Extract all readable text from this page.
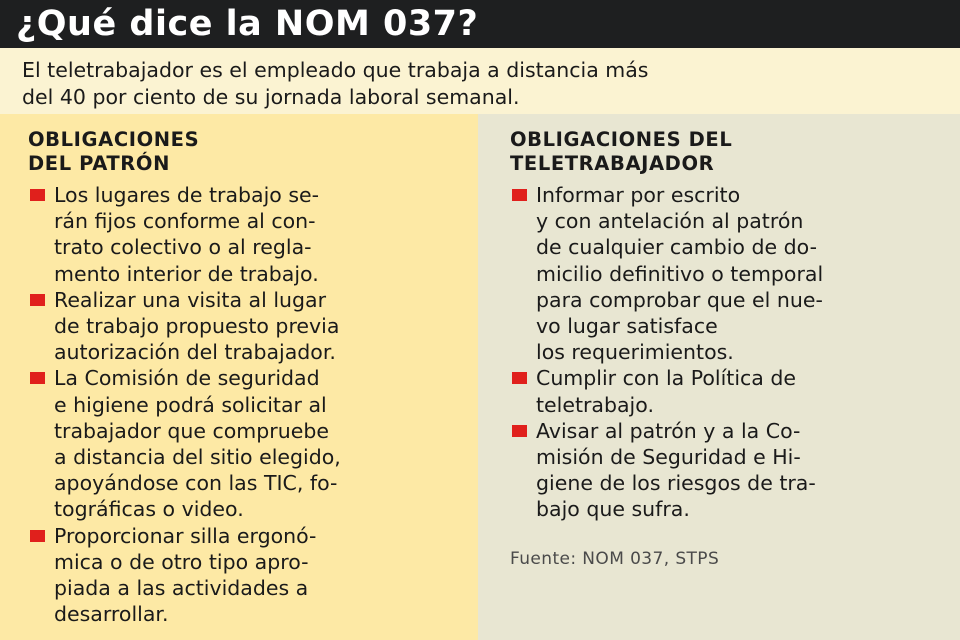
¿Qué dice la NOM 037?
El teletrabajador es el empleado que trabaja a distancia más
del 40 por ciento de su jornada laboral semanal.
OBLIGACIONES
DEL PATRÓN
Los lugares de trabajo se-
rán fijos conforme al con-
trato colectivo o al regla-
mento interior de trabajo.
Realizar una visita al lugar
de trabajo propuesto previa
autorización del trabajador.
La Comisión de seguridad
e higiene podrá solicitar al
trabajador que compruebe
a distancia del sitio elegido,
apoyándose con las TIC, fo-
tográficas o video.
Proporcionar silla ergonó-
mica o de otro tipo apro-
piada a las actividades a
desarrollar.
OBLIGACIONES DEL
TELETRABAJADOR
Informar por escrito
y con antelación al patrón
de cualquier cambio de do-
micilio definitivo o temporal
para comprobar que el nue-
vo lugar satisface
los requerimientos.
Cumplir con la Política de
teletrabajo.
Avisar al patrón y a la Co-
misión de Seguridad e Hi-
giene de los riesgos de tra-
bajo que sufra.
Fuente: NOM 037, STPS
